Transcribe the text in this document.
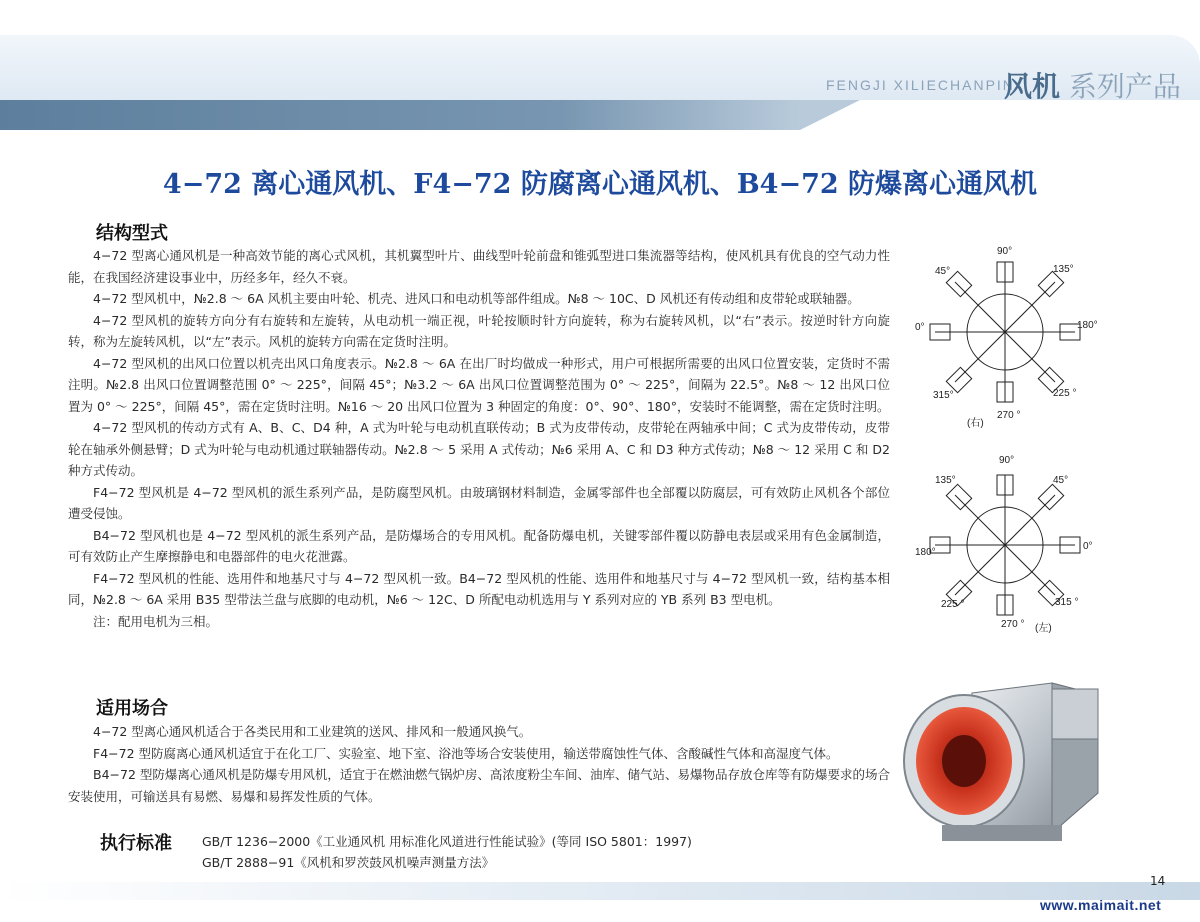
FENGJI XILIECHANPIN
风机 系列产品
4−72 离心通风机、F4−72 防腐离心通风机、B4−72 防爆离心通风机
结构型式

4−72 型离心通风机是一种高效节能的离心式风机，其机翼型叶片、曲线型叶轮前盘和锥弧型进口集流器等结构，使风机具有优良的空气动力性能，在我国经济建设事业中，历经多年，经久不衰。

4−72 型风机中，№2.8 ～ 6A 风机主要由叶轮、机壳、进风口和电动机等部件组成。№8 ～ 10C、D 风机还有传动组和皮带轮或联轴器。

4−72 型风机的旋转方向分有右旋转和左旋转，从电动机一端正视，叶轮按顺时针方向旋转，称为右旋转风机，以“右”表示。按逆时针方向旋转，称为左旋转风机，以“左”表示。风机的旋转方向需在定货时注明。

4−72 型风机的出风口位置以机壳出风口角度表示。№2.8 ～ 6A 在出厂时均做成一种形式，用户可根据所需要的出风口位置安装，定货时不需注明。№2.8 出风口位置调整范围 0° ～ 225°，间隔 45°；№3.2 ～ 6A 出风口位置调整范围为 0° ～ 225°，间隔为 22.5°。№8 ～ 12 出风口位置为 0° ～ 225°，间隔 45°，需在定货时注明。№16 ～ 20 出风口位置为 3 种固定的角度：0°、90°、180°，安装时不能调整，需在定货时注明。

4−72 型风机的传动方式有 A、B、C、D4 种，A 式为叶轮与电动机直联传动；B 式为皮带传动，皮带轮在两轴承中间；C 式为皮带传动，皮带轮在轴承外侧悬臂；D 式为叶轮与电动机通过联轴器传动。№2.8 ～ 5 采用 A 式传动；№6 采用 A、C 和 D3 种方式传动；№8 ～ 12 采用 C 和 D2 种方式传动。

F4−72 型风机是 4−72 型风机的派生系列产品，是防腐型风机。由玻璃钢材料制造，金属零部件也全部覆以防腐层，可有效防止风机各个部位遭受侵蚀。

B4−72 型风机也是 4−72 型风机的派生系列产品，是防爆场合的专用风机。配备防爆电机，关键零部件覆以防静电表层或采用有色金属制造，可有效防止产生摩擦静电和电器部件的电火花泄露。

F4−72 型风机的性能、选用件和地基尺寸与 4−72 型风机一致。B4−72 型风机的性能、选用件和地基尺寸与 4−72 型风机一致，结构基本相同，№2.8 ～ 6A 采用 B35 型带法兰盘与底脚的电动机，№6 ～ 12C、D 所配电动机选用与 Y 系列对应的 YB 系列 B3 型电机。

注：配用电机为三相。

适用场合

4−72 型离心通风机适合于各类民用和工业建筑的送风、排风和一般通风换气。

F4−72 型防腐离心通风机适宜于在化工厂、实验室、地下室、浴池等场合安装使用，输送带腐蚀性气体、含酸碱性气体和高湿度气体。

B4−72 型防爆离心通风机是防爆专用风机，适宜于在燃油燃气锅炉房、高浓度粉尘车间、油库、储气站、易爆物品存放仓库等有防爆要求的场合安装使用，可输送具有易燃、易爆和易挥发性质的气体。

执行标准 GB/T 1236−2000《工业通风机 用标准化风道进行性能试验》(等同 ISO 5801：1997)
GB/T 2888−91《风机和罗茨鼓风机噪声测量方法》
90°
135°
180°
225 °
270 °
315°
0°
45°
(右)
90°
45°
0°
315 °
270 °
225 °
180°
135°
(左)
14
www.maimait.net
